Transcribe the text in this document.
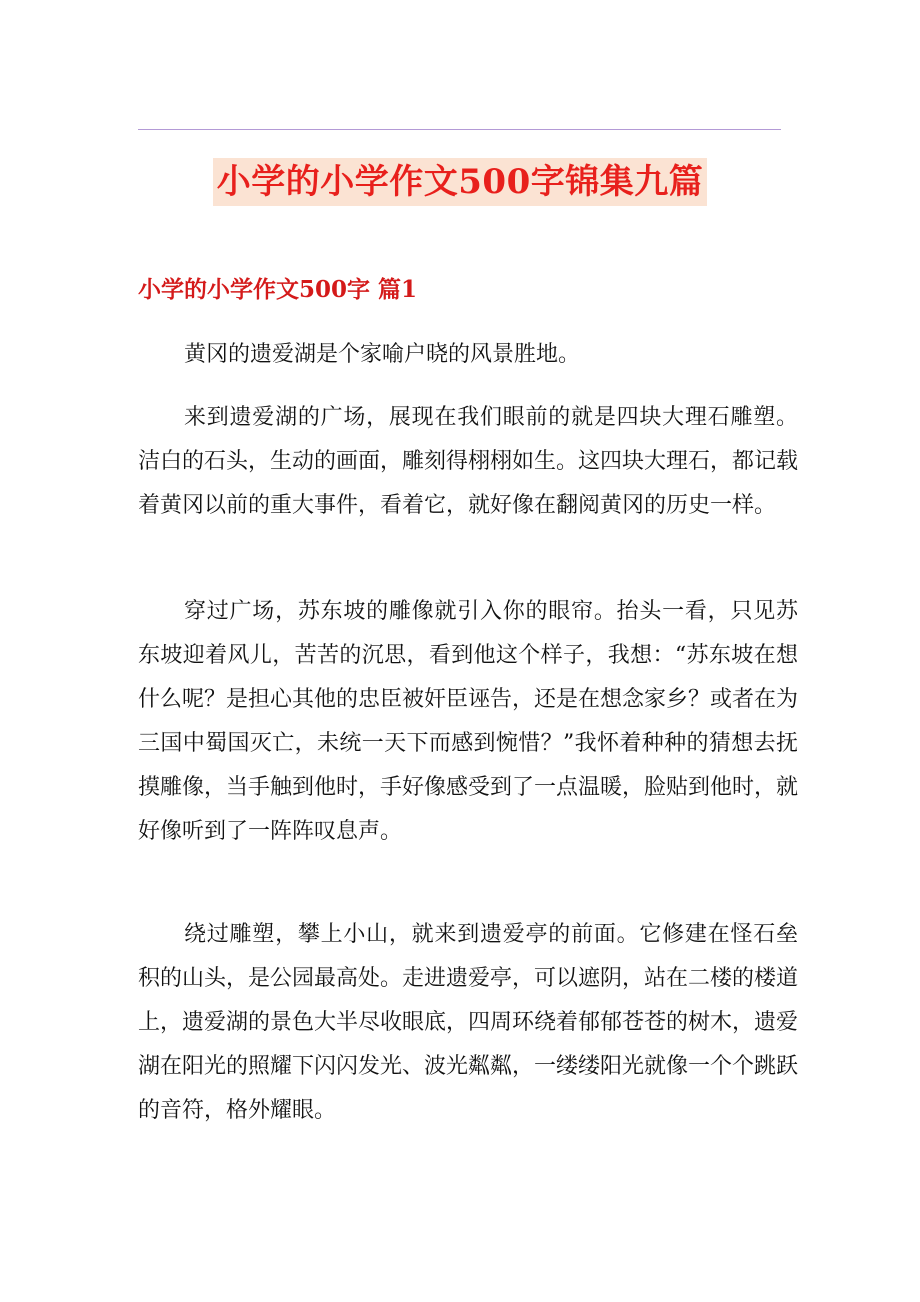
小学的小学作文500字锦集九篇
小学的小学作文500字 篇1

黄冈的遗爱湖是个家喻户晓的风景胜地。

来到遗爱湖的广场，展现在我们眼前的就是四块大理石雕塑。洁白的石头，生动的画面，雕刻得栩栩如生。这四块大理石，都记载着黄冈以前的重大事件，看着它，就好像在翻阅黄冈的历史一样。

穿过广场，苏东坡的雕像就引入你的眼帘。抬头一看，只见苏东坡迎着风儿，苦苦的沉思，看到他这个样子，我想：“苏东坡在想什么呢？是担心其他的忠臣被奸臣诬告，还是在想念家乡？或者在为三国中蜀国灭亡，未统一天下而感到惋惜？”我怀着种种的猜想去抚摸雕像，当手触到他时，手好像感受到了一点温暖，脸贴到他时，就好像听到了一阵阵叹息声。

绕过雕塑，攀上小山，就来到遗爱亭的前面。它修建在怪石垒积的山头，是公园最高处。走进遗爱亭，可以遮阴，站在二楼的楼道上，遗爱湖的景色大半尽收眼底，四周环绕着郁郁苍苍的树木，遗爱湖在阳光的照耀下闪闪发光、波光粼粼，一缕缕阳光就像一个个跳跃的音符，格外耀眼。
